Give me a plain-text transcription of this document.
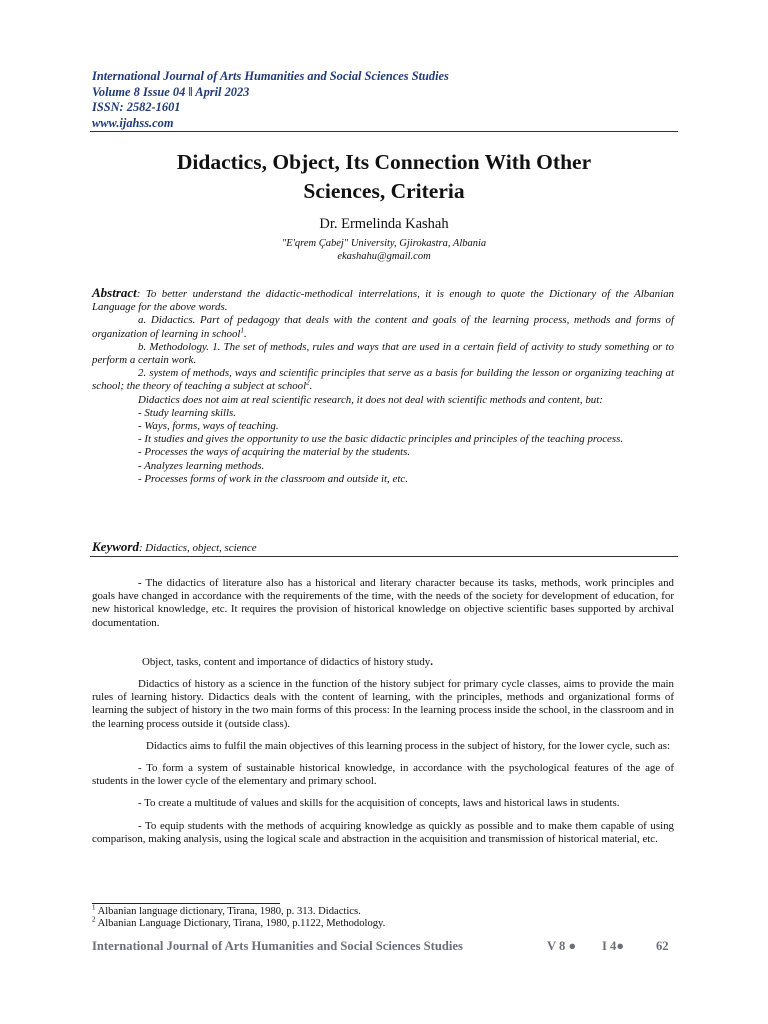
International Journal of Arts Humanities and Social Sciences Studies
Volume 8 Issue 04 ǁ April 2023
ISSN: 2582-1601
www.ijahss.com
Didactics, Object, Its Connection With Other
Sciences, Criteria
Dr. Ermelinda Kashah
"E'qrem Çabej" University, Gjirokastra, Albania
ekashahu@gmail.com

Abstract: To better understand the didactic-methodical interrelations, it is enough to quote the Dictionary of the Albanian Language for the above words.

a. Didactics. Part of pedagogy that deals with the content and goals of the learning process, methods and forms of organization of learning in school$^1$.

b. Methodology. 1. The set of methods, rules and ways that are used in a certain field of activity to study something or to perform a certain work.

2. system of methods, ways and scientific principles that serve as a basis for building the lesson or organizing teaching at school; the theory of teaching a subject at school$^2$.

Didactics does not aim at real scientific research, it does not deal with scientific methods and content, but:

- Study learning skills.

- Ways, forms, ways of teaching.

- It studies and gives the opportunity to use the basic didactic principles and principles of the teaching process.

- Processes the ways of acquiring the material by the students.

- Analyzes learning methods.

- Processes forms of work in the classroom and outside it, etc.

Keyword: Didactics, object, science

- The didactics of literature also has a historical and literary character because its tasks, methods, work principles and goals have changed in accordance with the requirements of the time, with the needs of the society for development of education, for new historical knowledge, etc. It requires the provision of historical knowledge on objective scientific bases supported by archival documentation.

Object, tasks, content and importance of didactics of history study.

Didactics of history as a science in the function of the history subject for primary cycle classes, aims to provide the main rules of learning history. Didactics deals with the content of learning, with the principles, methods and organizational forms of learning the subject of history in the two main forms of this process: In the learning process inside the school, in the classroom and in the learning process outside it (outside class).

Didactics aims to fulfil the main objectives of this learning process in the subject of history, for the lower cycle, such as:

- To form a system of sustainable historical knowledge, in accordance with the psychological features of the age of students in the lower cycle of the elementary and primary school.

- To create a multitude of values and skills for the acquisition of concepts, laws and historical laws in students.

- To equip students with the methods of acquiring knowledge as quickly as possible and to make them capable of using comparison, making analysis, using the logical scale and abstraction in the acquisition and transmission of historical material, etc.

$^1$ Albanian language dictionary, Tirana, 1980, p. 313. Didactics.
$^2$ Albanian Language Dictionary, Tirana, 1980, p.1122, Methodology.
International Journal of Arts Humanities and Social Sciences Studies	V 8 ● I 4●	62
